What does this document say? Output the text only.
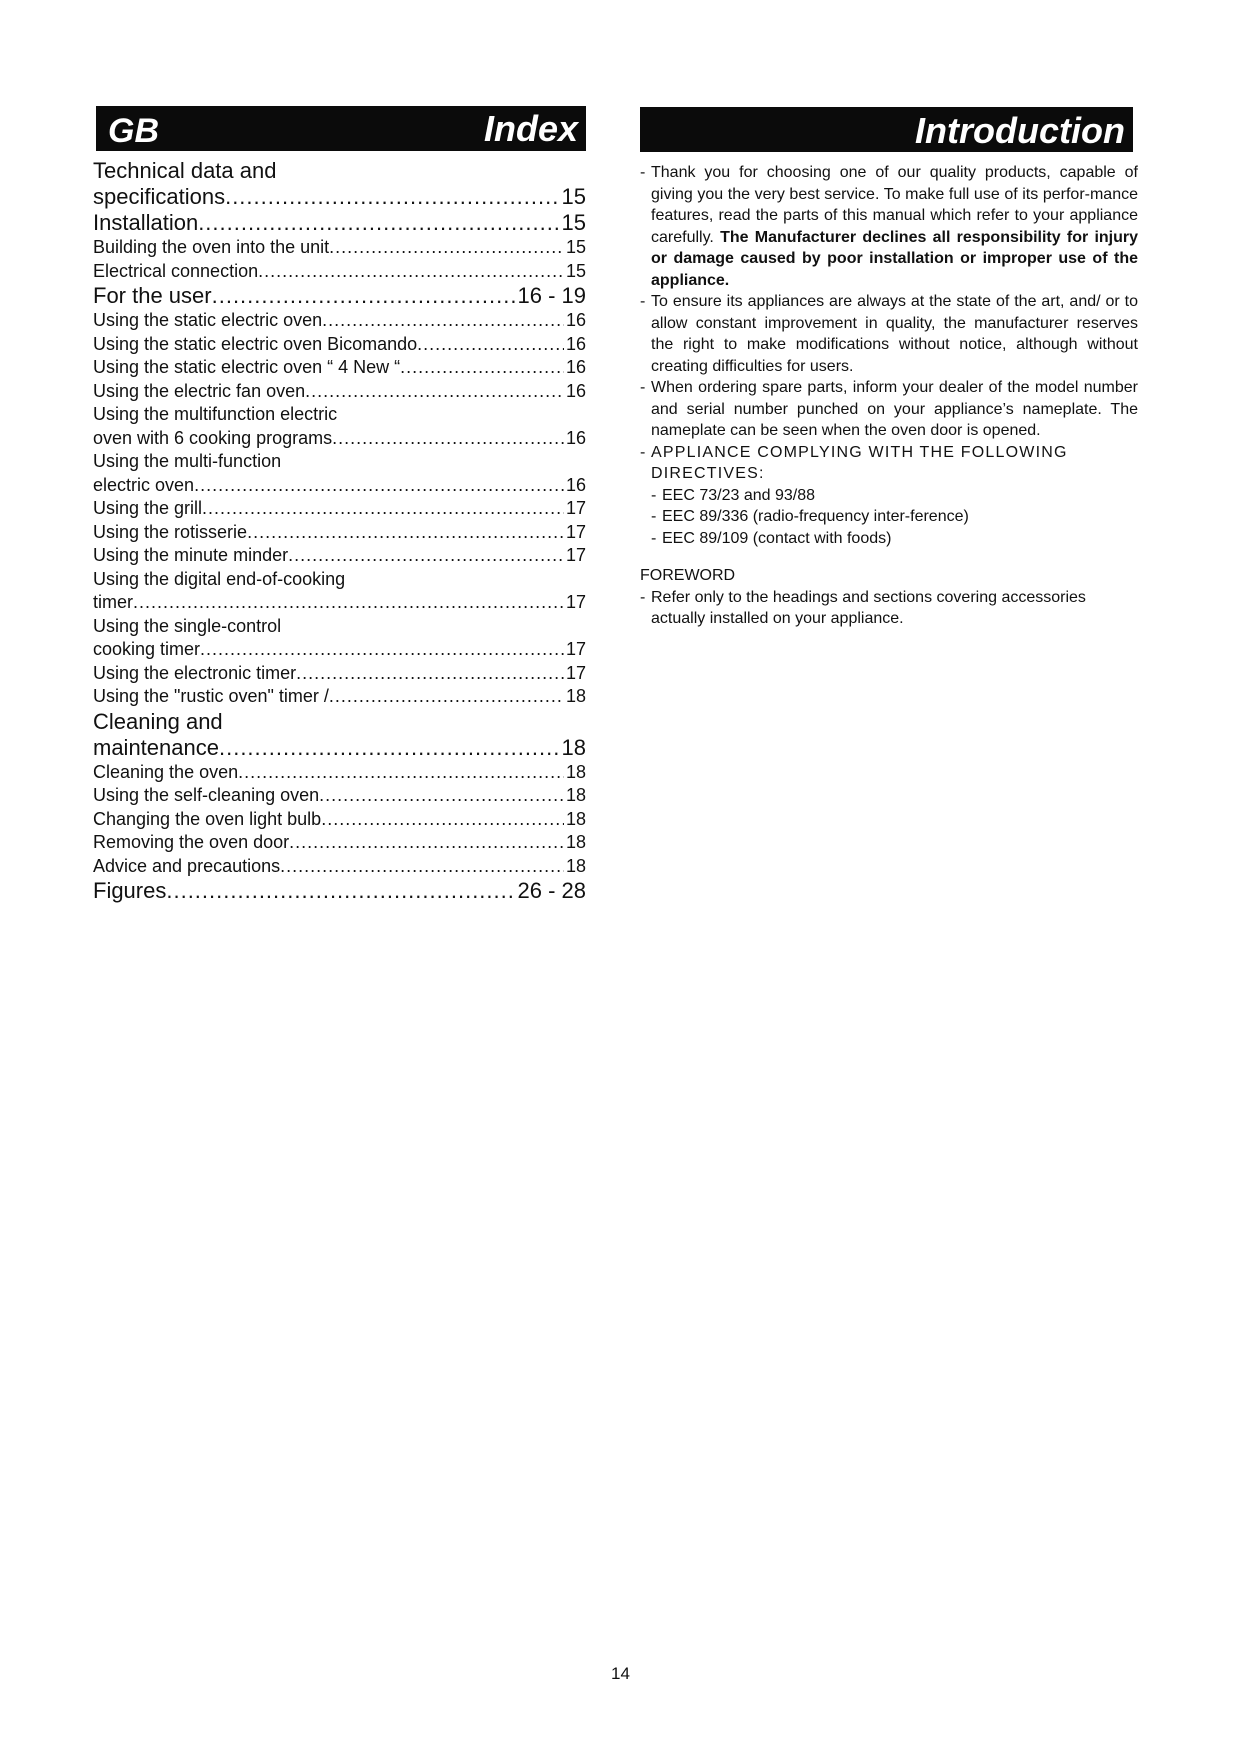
GB	Index	Introduction
Technical data and
specifications .....	15
Installation .....	15
Building the oven into the unit .....	15
Electrical connection .....	15
For the user .....	16 - 19
Using the static electric oven .....	16
Using the static electric oven Bicomando .....	16
Using the static electric oven “ 4 New “ .....	16
Using the electric fan oven .....	16
Using the multifunction electric
oven with 6 cooking programs .....	16
Using the multi-function
electric oven .....	16
Using the grill .....	17
Using the rotisserie .....	17
Using the minute minder .....	17
Using the digital end-of-cooking
timer .....	17
Using the single-control
cooking timer .....	17
Using the electronic timer .....	17
Using the "rustic oven" timer / .....	18
Cleaning and
maintenance .....	18
Cleaning the oven .....	18
Using the self-cleaning oven .....	18
Changing the oven light bulb .....	18
Removing the oven door .....	18
Advice and precautions .....	18
Figures .....	26 - 28
- Thank you for choosing one of our quality products, capable of giving you the very best service. To make full use of its perfor-mance features, read the parts of this manual which refer to your appliance carefully. The Manufacturer declines all responsibility for injury or damage caused by poor installation or improper use of the appliance.
- To ensure its appliances are always at the state of the art, and/ or to allow constant improvement in quality, the manufacturer reserves the right to make modifications without notice, although without creating difficulties for users.
- When ordering spare parts, inform your dealer of the model number and serial number punched on your appliance’s nameplate. The nameplate can be seen when the oven door is opened.
- APPLIANCE COMPLYING WITH THE FOLLOWING DIRECTIVES:
- EEC 73/23 and 93/88
- EEC 89/336 (radio-frequency inter-ference)
- EEC 89/109 (contact with foods)
FOREWORD
- Refer only to the headings and sections covering accessories actually installed on your appliance.
14
